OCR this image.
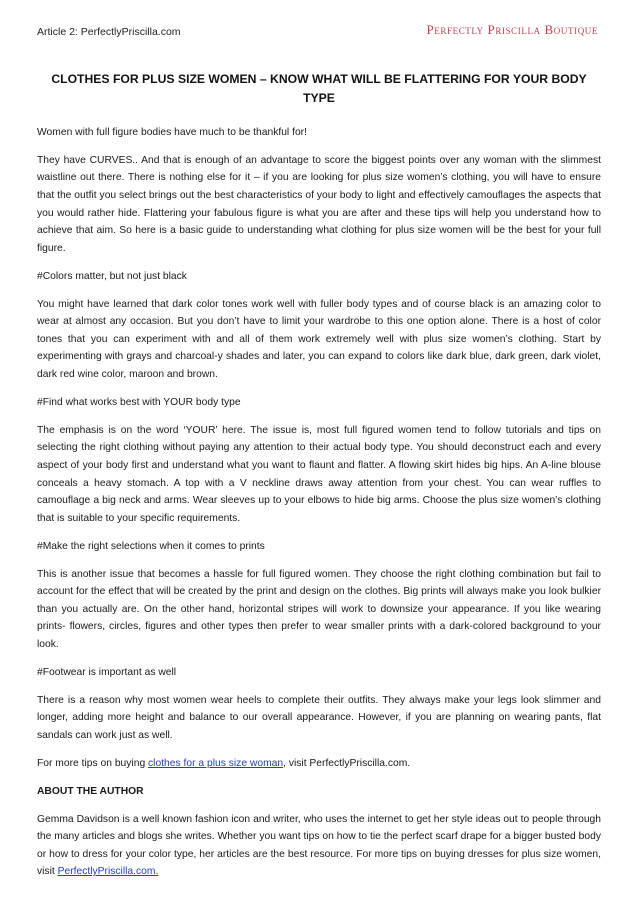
Article 2: PerfectlyPriscilla.com	Perfectly Priscilla Boutique
CLOTHES FOR PLUS SIZE WOMEN – KNOW WHAT WILL BE FLATTERING FOR YOUR BODY TYPE

Women with full figure bodies have much to be thankful for!

They have CURVES.. And that is enough of an advantage to score the biggest points over any woman with the slimmest waistline out there. There is nothing else for it – if you are looking for plus size women’s clothing, you will have to ensure that the outfit you select brings out the best characteristics of your body to light and effectively camouflages the aspects that you would rather hide. Flattering your fabulous figure is what you are after and these tips will help you understand how to achieve that aim. So here is a basic guide to understanding what clothing for plus size women will be the best for your full figure.

#Colors matter, but not just black

You might have learned that dark color tones work well with fuller body types and of course black is an amazing color to wear at almost any occasion. But you don’t have to limit your wardrobe to this one option alone. There is a host of color tones that you can experiment with and all of them work extremely well with plus size women’s clothing. Start by experimenting with grays and charcoal-y shades and later, you can expand to colors like dark blue, dark green, dark violet, dark red wine color, maroon and brown.

#Find what works best with YOUR body type

The emphasis is on the word ‘YOUR’ here. The issue is, most full figured women tend to follow tutorials and tips on selecting the right clothing without paying any attention to their actual body type. You should deconstruct each and every aspect of your body first and understand what you want to flaunt and flatter. A flowing skirt hides big hips. An A-line blouse conceals a heavy stomach. A top with a V neckline draws away attention from your chest. You can wear ruffles to camouflage a big neck and arms. Wear sleeves up to your elbows to hide big arms. Choose the plus size women’s clothing that is suitable to your specific requirements.

#Make the right selections when it comes to prints

This is another issue that becomes a hassle for full figured women. They choose the right clothing combination but fail to account for the effect that will be created by the print and design on the clothes. Big prints will always make you look bulkier than you actually are. On the other hand, horizontal stripes will work to downsize your appearance. If you like wearing prints- flowers, circles, figures and other types then prefer to wear smaller prints with a dark-colored background to your look.

#Footwear is important as well

There is a reason why most women wear heels to complete their outfits. They always make your legs look slimmer and longer, adding more height and balance to our overall appearance. However, if you are planning on wearing pants, flat sandals can work just as well.

For more tips on buying clothes for a plus size woman, visit PerfectlyPriscilla.com.

ABOUT THE AUTHOR

Gemma Davidson is a well known fashion icon and writer, who uses the internet to get her style ideas out to people through the many articles and blogs she writes. Whether you want tips on how to tie the perfect scarf drape for a bigger busted body or how to dress for your color type, her articles are the best resource. For more tips on buying dresses for plus size women, visit PerfectlyPriscilla.com.
